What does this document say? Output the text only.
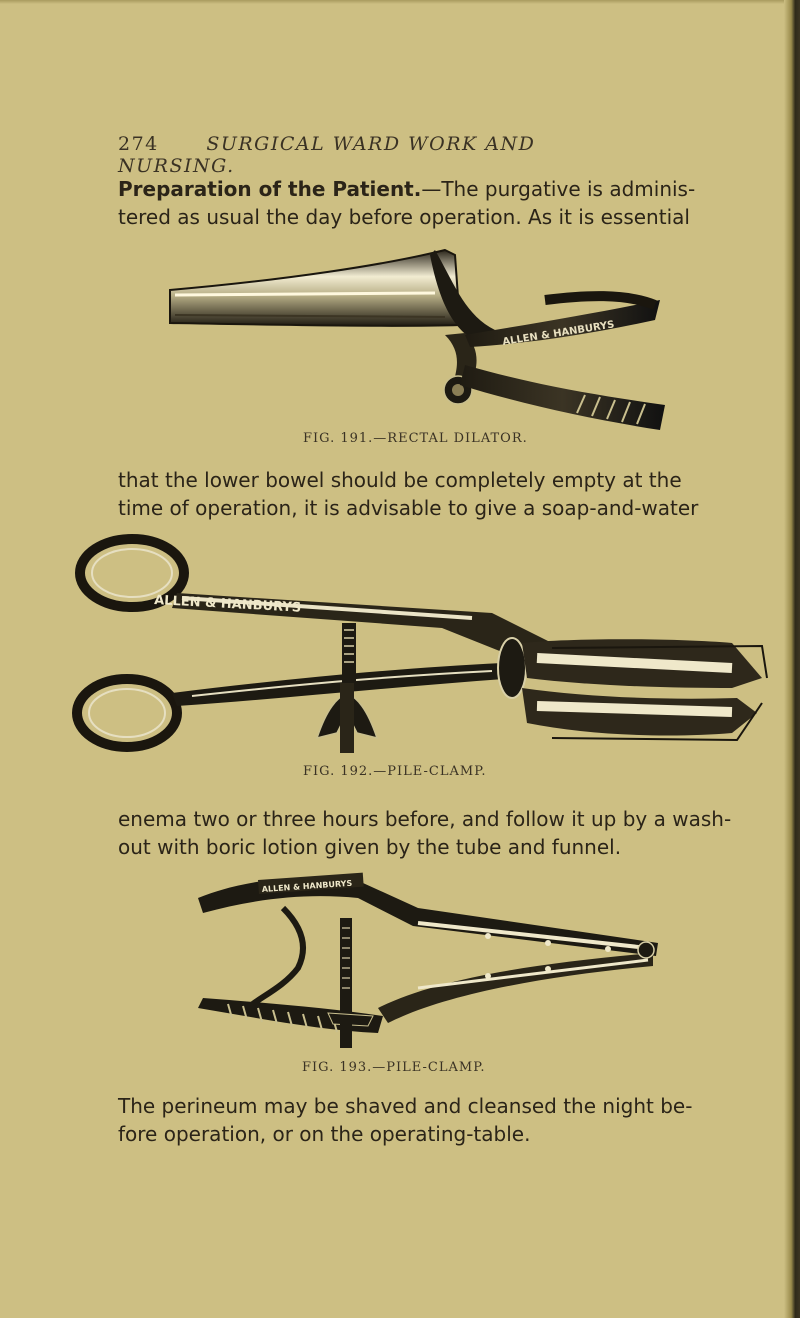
274	SURGICAL WARD WORK AND NURSING.

Preparation of the Patient.—The purgative is adminis-

tered as usual the day before operation. As it is essential

ALLEN & HANBURYS
FIG. 191.—RECTAL DILATOR.

that the lower bowel should be completely empty at the

time of operation, it is advisable to give a soap-and-water

ALLEN & HANBURYS
FIG. 192.—PILE-CLAMP.

enema two or three hours before, and follow it up by a wash-

out with boric lotion given by the tube and funnel.

ALLEN & HANBURYS
FIG. 193.—PILE-CLAMP.

The perineum may be shaved and cleansed the night be-

fore operation, or on the operating-table.
